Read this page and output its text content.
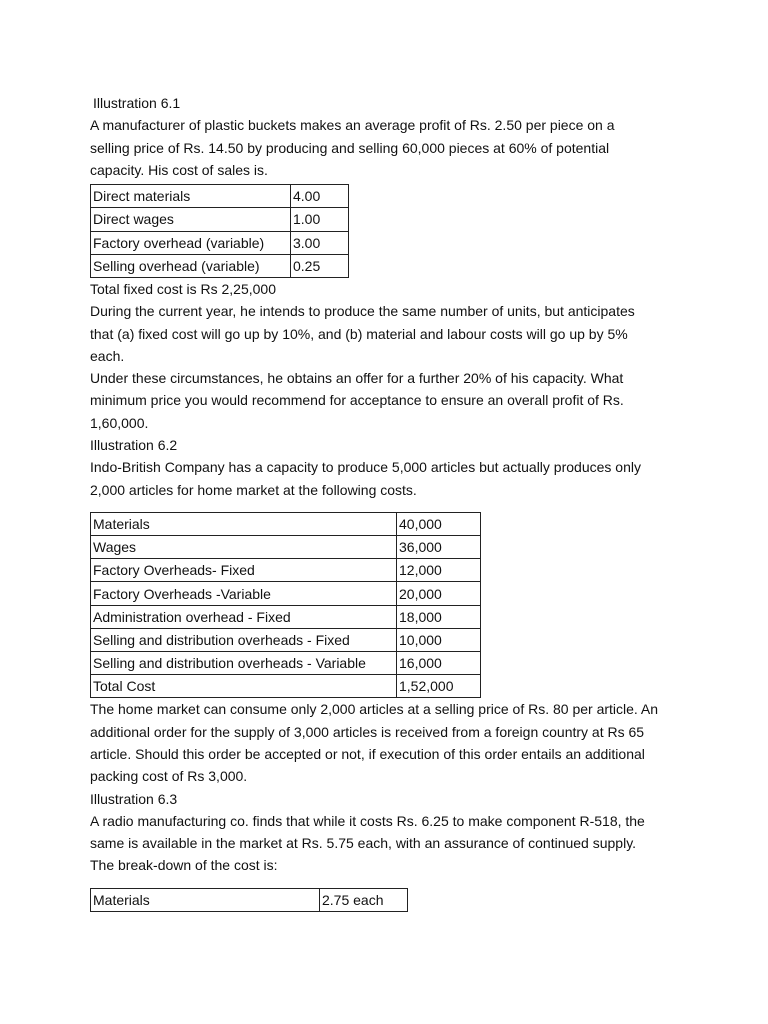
Illustration 6.1

A manufacturer of plastic buckets makes an average profit of Rs. 2.50 per piece on a

selling price of Rs. 14.50 by producing and selling 60,000 pieces at 60% of potential

capacity. His cost of sales is.

Direct materials	4.00
Direct wages	1.00
Factory overhead (variable)	3.00
Selling overhead (variable)	0.25

Total fixed cost is Rs 2,25,000

During the current year, he intends to produce the same number of units, but anticipates

that (a) fixed cost will go up by 10%, and (b) material and labour costs will go up by 5%

each.

Under these circumstances, he obtains an offer for a further 20% of his capacity. What

minimum price you would recommend for acceptance to ensure an overall profit of Rs.

1,60,000.

Illustration 6.2

Indo-British Company has a capacity to produce 5,000 articles but actually produces only

2,000 articles for home market at the following costs.

Materials	40,000
Wages	36,000
Factory Overheads- Fixed	12,000
Factory Overheads -Variable	20,000
Administration overhead - Fixed	18,000
Selling and distribution overheads - Fixed	10,000
Selling and distribution overheads - Variable	16,000
Total Cost	1,52,000

The home market can consume only 2,000 articles at a selling price of Rs. 80 per article. An

additional order for the supply of 3,000 articles is received from a foreign country at Rs 65

article. Should this order be accepted or not, if execution of this order entails an additional

packing cost of Rs 3,000.

Illustration 6.3

A radio manufacturing co. finds that while it costs Rs. 6.25 to make component R-518, the

same is available in the market at Rs. 5.75 each, with an assurance of continued supply.

The break-down of the cost is:

Materials	2.75 each
